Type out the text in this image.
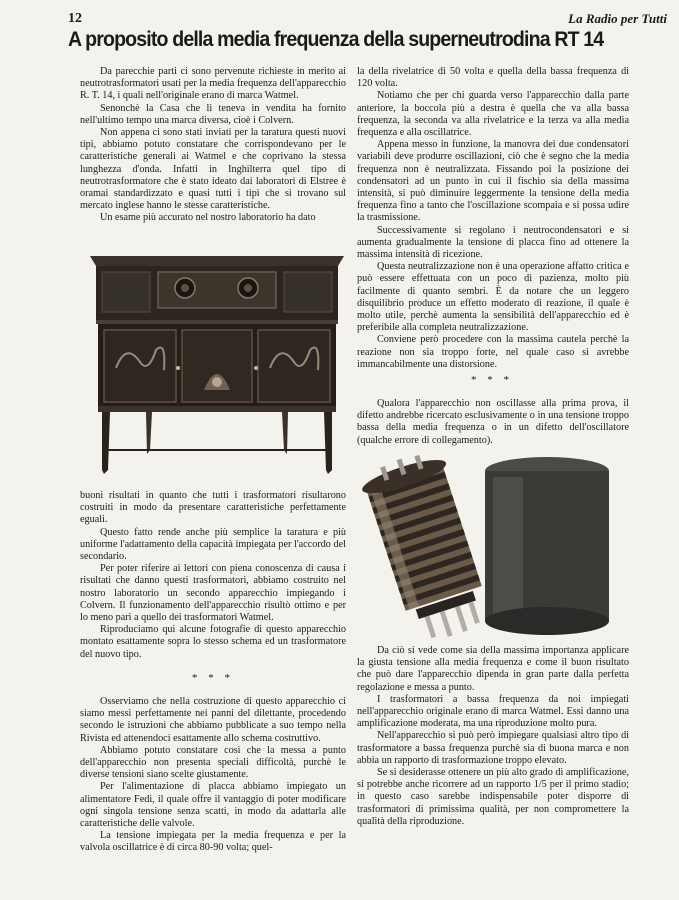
12	La Radio per Tutti
A proposito della media frequenza della superneutrodina RT 14

Da parecchie parti ci sono pervenute richieste in merito ai neutrotrasformatori usati per la media frequenza dell'apparecchio R. T. 14, i quali nell'originale erano di marca Watmel.

Senonchè la Casa che li teneva in vendita ha fornito nell'ultimo tempo una marca diversa, cioè i Colvern.

Non appena ci sono stati inviati per la taratura questi nuovi tipi, abbiamo potuto constatare che corrispondevano per le caratteristiche generali ai Watmel e che coprivano la stessa lunghezza d'onda. Infatti in Inghilterra quel tipo di neutrotrasformatore che è stato ideato dai laboratori di Elstree è oramai standardizzato e quasi tutti i tipi che si trovano sul mercato inglese hanno le stesse caratteristiche.

Un esame più accurato nel nostro laboratorio ha dato

buoni risultati in quanto che tutti i trasformatori risultarono costruiti in modo da presentare caratteristiche perfettamente eguali.

Questo fatto rende anche più semplice la taratura e più uniforme l'adattamento della capacità impiegata per l'accordo del secondario.

Per poter riferire ai lettori con piena conoscenza di causa i risultati che danno questi trasformatori, abbiamo costruito nel nostro laboratorio un secondo apparecchio impiegando i Colvern. Il funzionamento dell'apparecchio risultò ottimo e per lo meno pari a quello dei trasformatori Watmel.

Riproduciamo qui alcune fotografie di questo apparecchio montato esattamente sopra lo stesso schema ed un trasformatore del nuovo tipo.

* * *

Osserviamo che nella costruzione di questo apparecchio ci siamo messi perfettamente nei panni del dilettante, procedendo secondo le istruzioni che abbiamo pubblicate a suo tempo nella Rivista ed attenendoci esattamente allo schema costruttivo.

Abbiamo potuto constatare così che la messa a punto dell'apparecchio non presenta speciali difficoltà, purchè le diverse tensioni siano scelte giustamente.

Per l'alimentazione di placca abbiamo impiegato un alimentatore Fedi, il quale offre il vantaggio di poter modificare ogni singola tensione senza scatti, in modo da adattarla alle caratteristiche delle valvole.

La tensione impiegata per la media frequenza e per la valvola oscillatrice è di circa 80-90 volta; quel-

la della rivelatrice di 50 volta e quella della bassa frequenza di 120 volta.

Notiamo che per chi guarda verso l'apparecchio dalla parte anteriore, la boccola più a destra è quella che va alla bassa frequenza, la seconda va alla rivelatrice e la terza va alla media frequenza e alla oscillatrice.

Appena messo in funzione, la manovra dei due condensatori variabili deve produrre oscillazioni, ciò che è segno che la media frequenza non è neutralizzata. Fissando poi la posizione dei condensatori ad un punto in cui il fischio sia della massima intensità, si può diminuire leggermente la tensione della media frequenza fino a tanto che l'oscillazione scompaia e si possa udire la trasmissione.

Successivamente si regolano i neutrocondensatori e si aumenta gradualmente la tensione di placca fino ad ottenere la massima intensità di ricezione.

Questa neutralizzazione non è una operazione affatto critica e può essere effettuata con un poco di pazienza, molto più facilmente di quanto sembri. È da notare che un leggero disquilibrio produce un effetto moderato di reazione, il quale è molto utile, perchè aumenta la sensibilità dell'apparecchio ed è preferibile alla completa neutralizzazione.

Conviene però procedere con la massima cautela perchè la reazione non sia troppo forte, nel quale caso si avrebbe immancabilmente una distorsione.

* * *

Qualora l'apparecchio non oscillasse alla prima prova, il difetto andrebbe ricercato esclusivamente o in una tensione troppo bassa della media frequenza o in un difetto dell'oscillatore (qualche errore di collegamento).

Da ciò si vede come sia della massima importanza applicare la giusta tensione alla media frequenza e come il buon risultato che può dare l'apparecchio dipenda in gran parte dalla perfetta regolazione e messa a punto.

I trasformatori a bassa frequenza da noi impiegati nell'apparecchio originale erano di marca Watmel. Essi danno una amplificazione moderata, ma una riproduzione molto pura.

Nell'apparecchio si può però impiegare qualsiasi altro tipo di trasformatore a bassa frequenza purchè sia di buona marca e non abbia un rapporto di trasformazione troppo elevato.

Se si desiderasse ottenere un più alto grado di amplificazione, si potrebbe anche ricorrere ad un rapporto 1/5 per il primo stadio; in questo caso sarebbe indispensabile poter disporre di trasformatori di primissima qualità, per non compromettere la qualità della riproduzione.
